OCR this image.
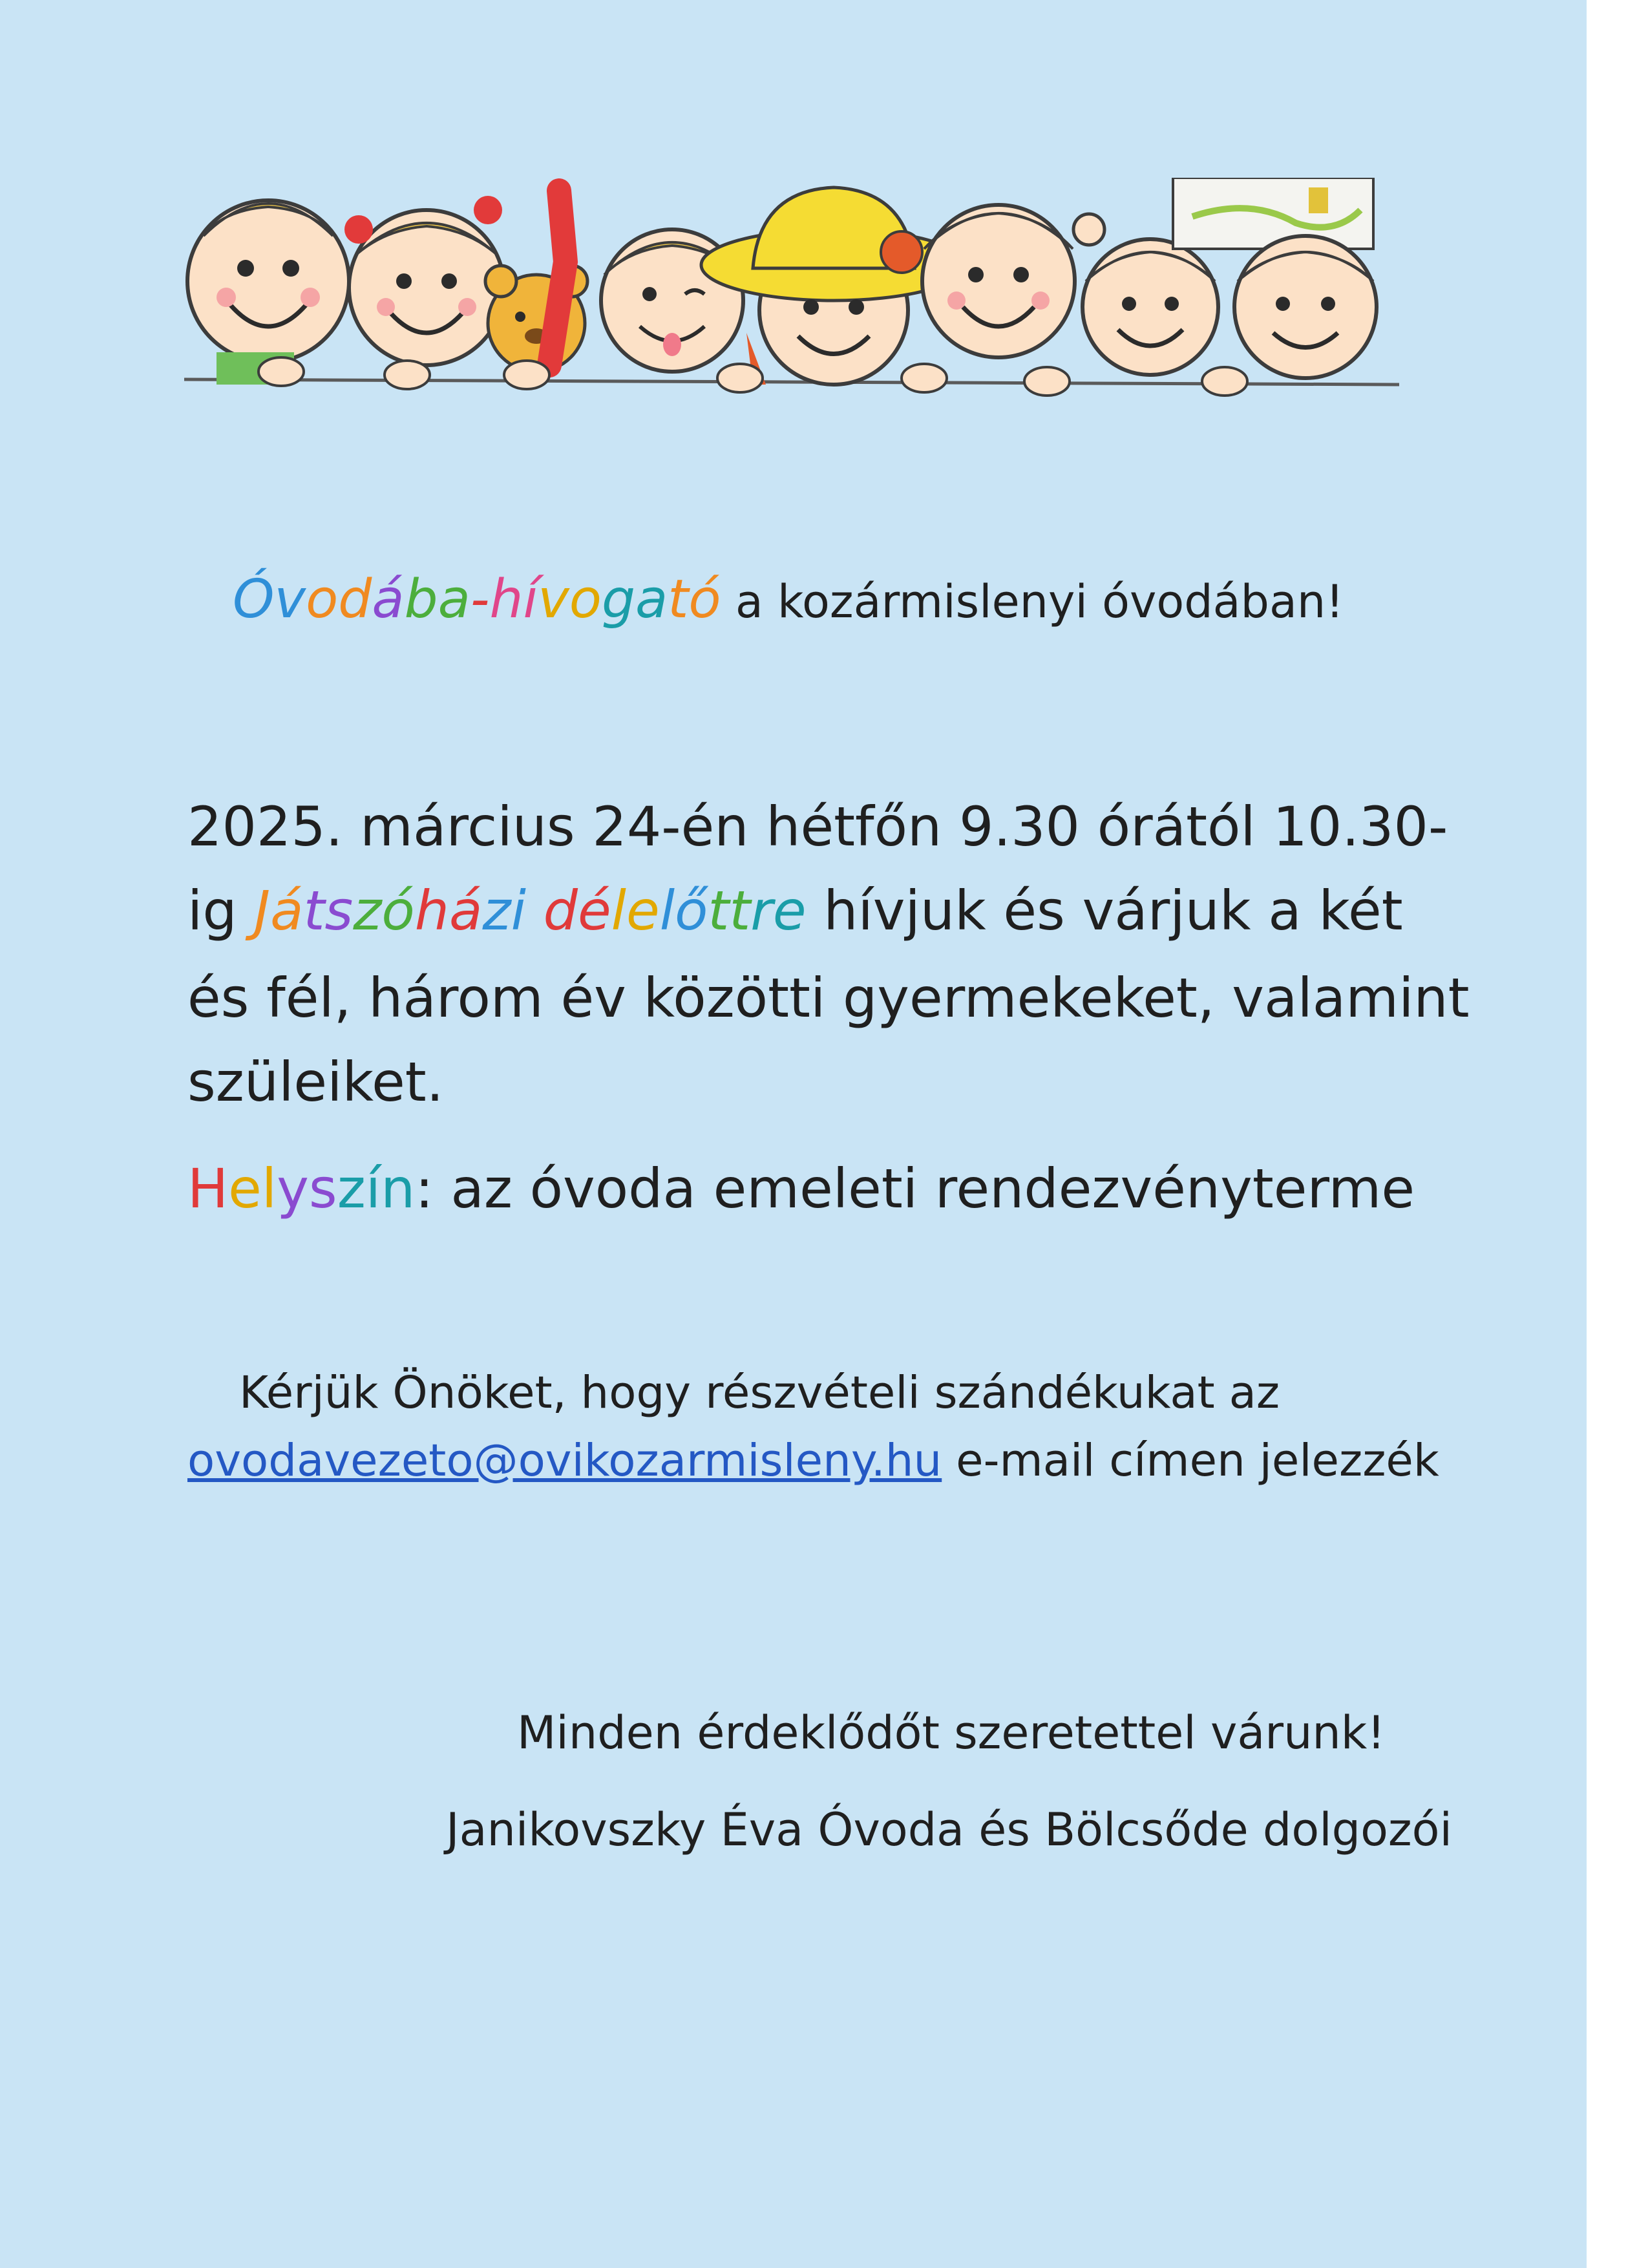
Óvodába-hívogató a kozármislenyi óvodában!

2025. március 24-én hétfőn 9.30 órától 10.30-

ig Játszóházi délelőttre hívjuk és várjuk a két

és fél, három év közötti gyermekeket, valamint

szüleiket.

Helyszín: az óvoda emeleti rendezvényterme

Kérjük Önöket, hogy részvételi szándékukat az

ovodavezeto@ovikozarmisleny.hu e-mail címen jelezzék

Minden érdeklődőt szeretettel várunk!

Janikovszky Éva Óvoda és Bölcsőde dolgozói
